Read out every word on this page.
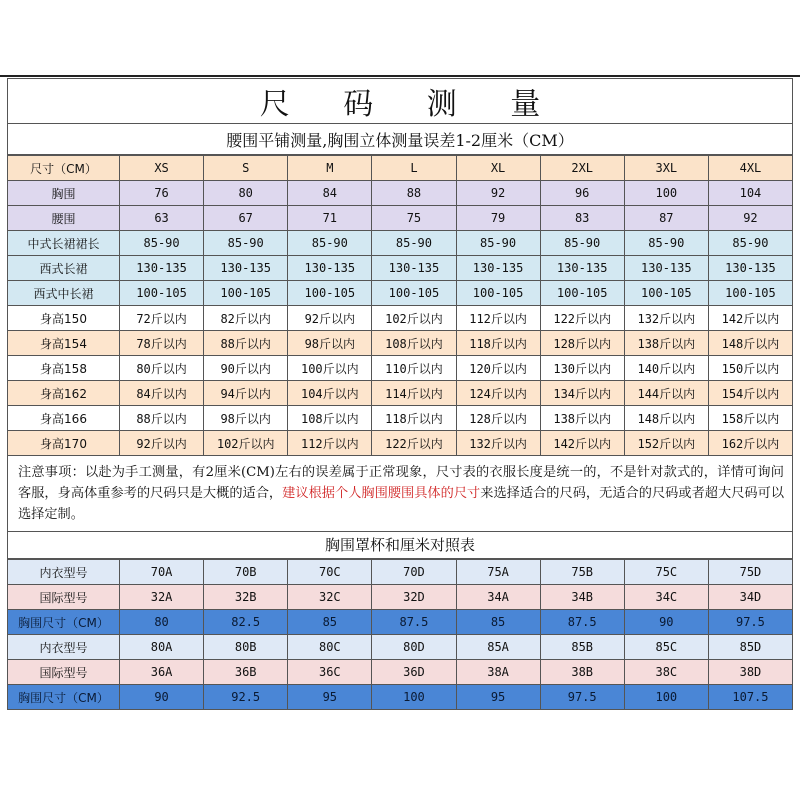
尺 码 测 量
腰围平铺测量,胸围立体测量误差1-2厘米（CM）
尺寸（CM）	XS	S	M	L	XL	2XL	3XL	4XL
胸围	76	80	84	88	92	96	100	104
腰围	63	67	71	75	79	83	87	92
中式长裙裙长	85-90	85-90	85-90	85-90	85-90	85-90	85-90	85-90
西式长裙	130-135	130-135	130-135	130-135	130-135	130-135	130-135	130-135
西式中长裙	100-105	100-105	100-105	100-105	100-105	100-105	100-105	100-105
身高150	72斤以内	82斤以内	92斤以内	102斤以内	112斤以内	122斤以内	132斤以内	142斤以内
身高154	78斤以内	88斤以内	98斤以内	108斤以内	118斤以内	128斤以内	138斤以内	148斤以内
身高158	80斤以内	90斤以内	100斤以内	110斤以内	120斤以内	130斤以内	140斤以内	150斤以内
身高162	84斤以内	94斤以内	104斤以内	114斤以内	124斤以内	134斤以内	144斤以内	154斤以内
身高166	88斤以内	98斤以内	108斤以内	118斤以内	128斤以内	138斤以内	148斤以内	158斤以内
身高170	92斤以内	102斤以内	112斤以内	122斤以内	132斤以内	142斤以内	152斤以内	162斤以内
注意事项：以赴为手工测量，有2厘米(CM)左右的误差属于正常现象，尺寸表的衣服长度是统一的，不是针对款式的，详情可询问客服，身高体重参考的尺码只是大概的适合，建议根据个人胸围腰围具体的尺寸来选择适合的尺码，无适合的尺码或者超大尺码可以选择定制。
胸围罩杯和厘米对照表
内衣型号	70A	70B	70C	70D	75A	75B	75C	75D
国际型号	32A	32B	32C	32D	34A	34B	34C	34D
胸围尺寸（CM）	80	82.5	85	87.5	85	87.5	90	97.5
内衣型号	80A	80B	80C	80D	85A	85B	85C	85D
国际型号	36A	36B	36C	36D	38A	38B	38C	38D
胸围尺寸（CM）	90	92.5	95	100	95	97.5	100	107.5
